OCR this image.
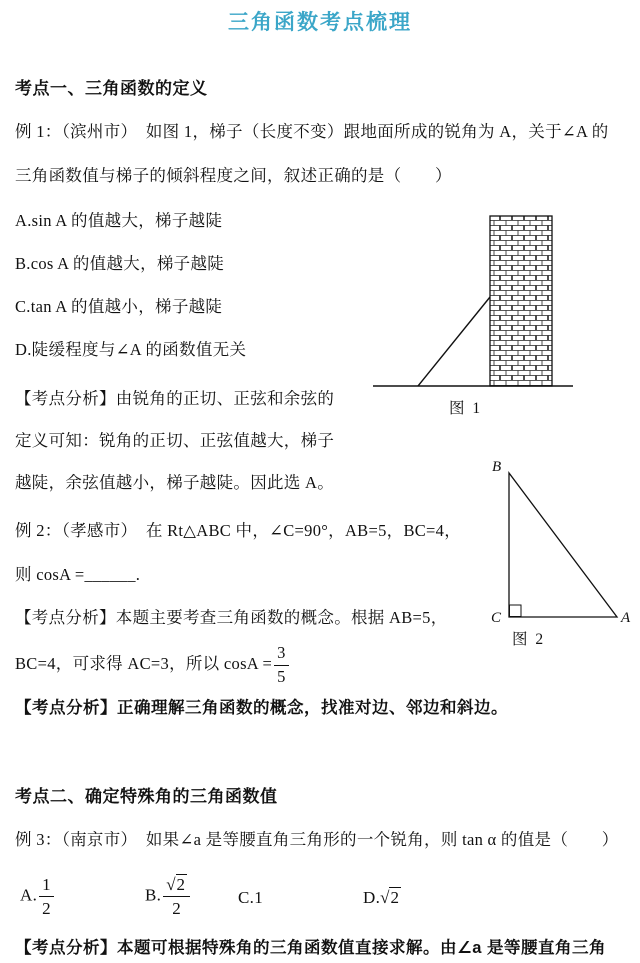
三角函数考点梳理
考点一、三角函数的定义
例 1：（滨州市）　如图 1，梯子（长度不变）跟地面所成的锐角为 A，关于∠A 的
三角函数值与梯子的倾斜程度之间，叙述正确的是（　　）
A.sin A 的值越大，梯子越陡
B.cos A 的值越大，梯子越陡
C.tan A 的值越小，梯子越陡
D.陡缓程度与∠A 的函数值无关
图 1
【考点分析】由锐角的正切、正弦和余弦的
定义可知：锐角的正切、正弦值越大，梯子
越陡，余弦值越小，梯子越陡。因此选 A。
例 2：（孝感市）　在 Rt△ABC 中，∠C=90°，AB=5，BC=4，
则 cosA =______.
B
C	A
图 2
【考点分析】本题主要考查三角函数的概念。根据 AB=5，
BC=4，可求得 AC=3，所以 $\cos A = \frac{3}{5}$
【考点分析】正确理解三角函数的概念，找准对边、邻边和斜边。
考点二、确定特殊角的三角函数值
例 3：（南京市）　如果∠a 是等腰直角三角形的一个锐角，则 tan α 的值是（　　）
A. $\frac{1}{2}$	B. $\frac{√2}{2}$	C.1	D.√2
【考点分析】本题可根据特殊角的三角函数值直接求解。由∠a 是等腰直角三角
